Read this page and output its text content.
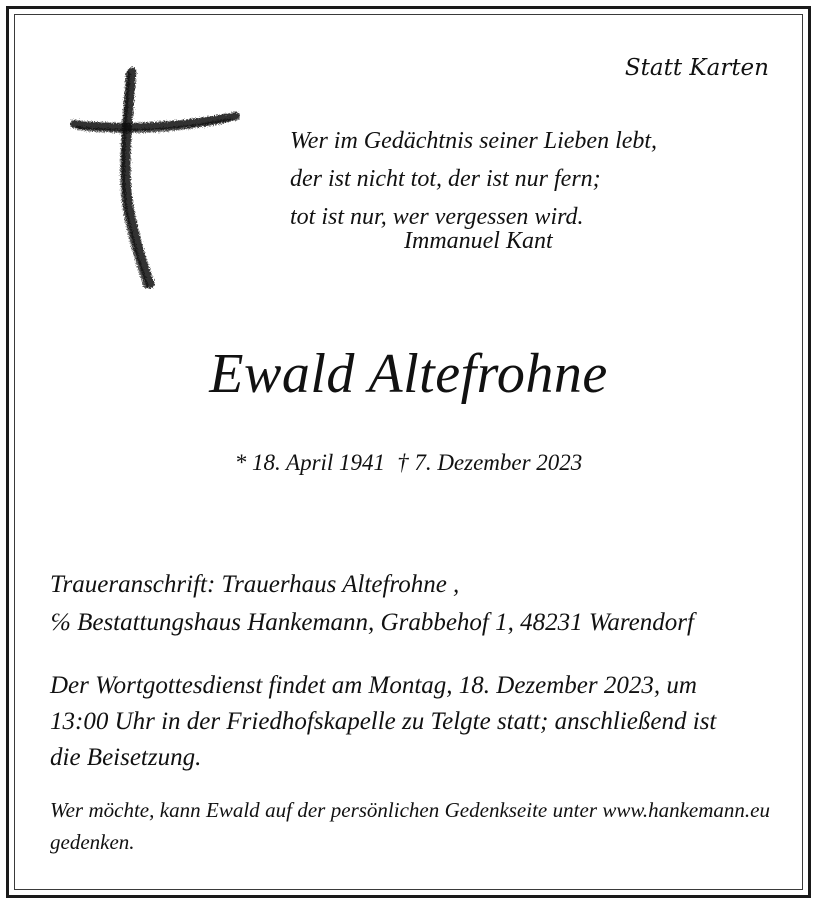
Statt Karten
Wer im Gedächtnis seiner Lieben lebt,
der ist nicht tot, der ist nur fern;
tot ist nur, wer vergessen wird.
Immanuel Kant
Ewald Altefrohne
* 18. April 1941 † 7. Dezember 2023
Traueranschrift: Trauerhaus Altefrohne ,
℅ Bestattungshaus Hankemann, Grabbehof 1, 48231 Warendorf
Der Wortgottesdienst findet am Montag, 18. Dezember 2023, um
13:00 Uhr in der Friedhofskapelle zu Telgte statt; anschließend ist
die Beisetzung.
Wer möchte, kann Ewald auf der persönlichen Gedenkseite unter www.hankemann.eu gedenken.
